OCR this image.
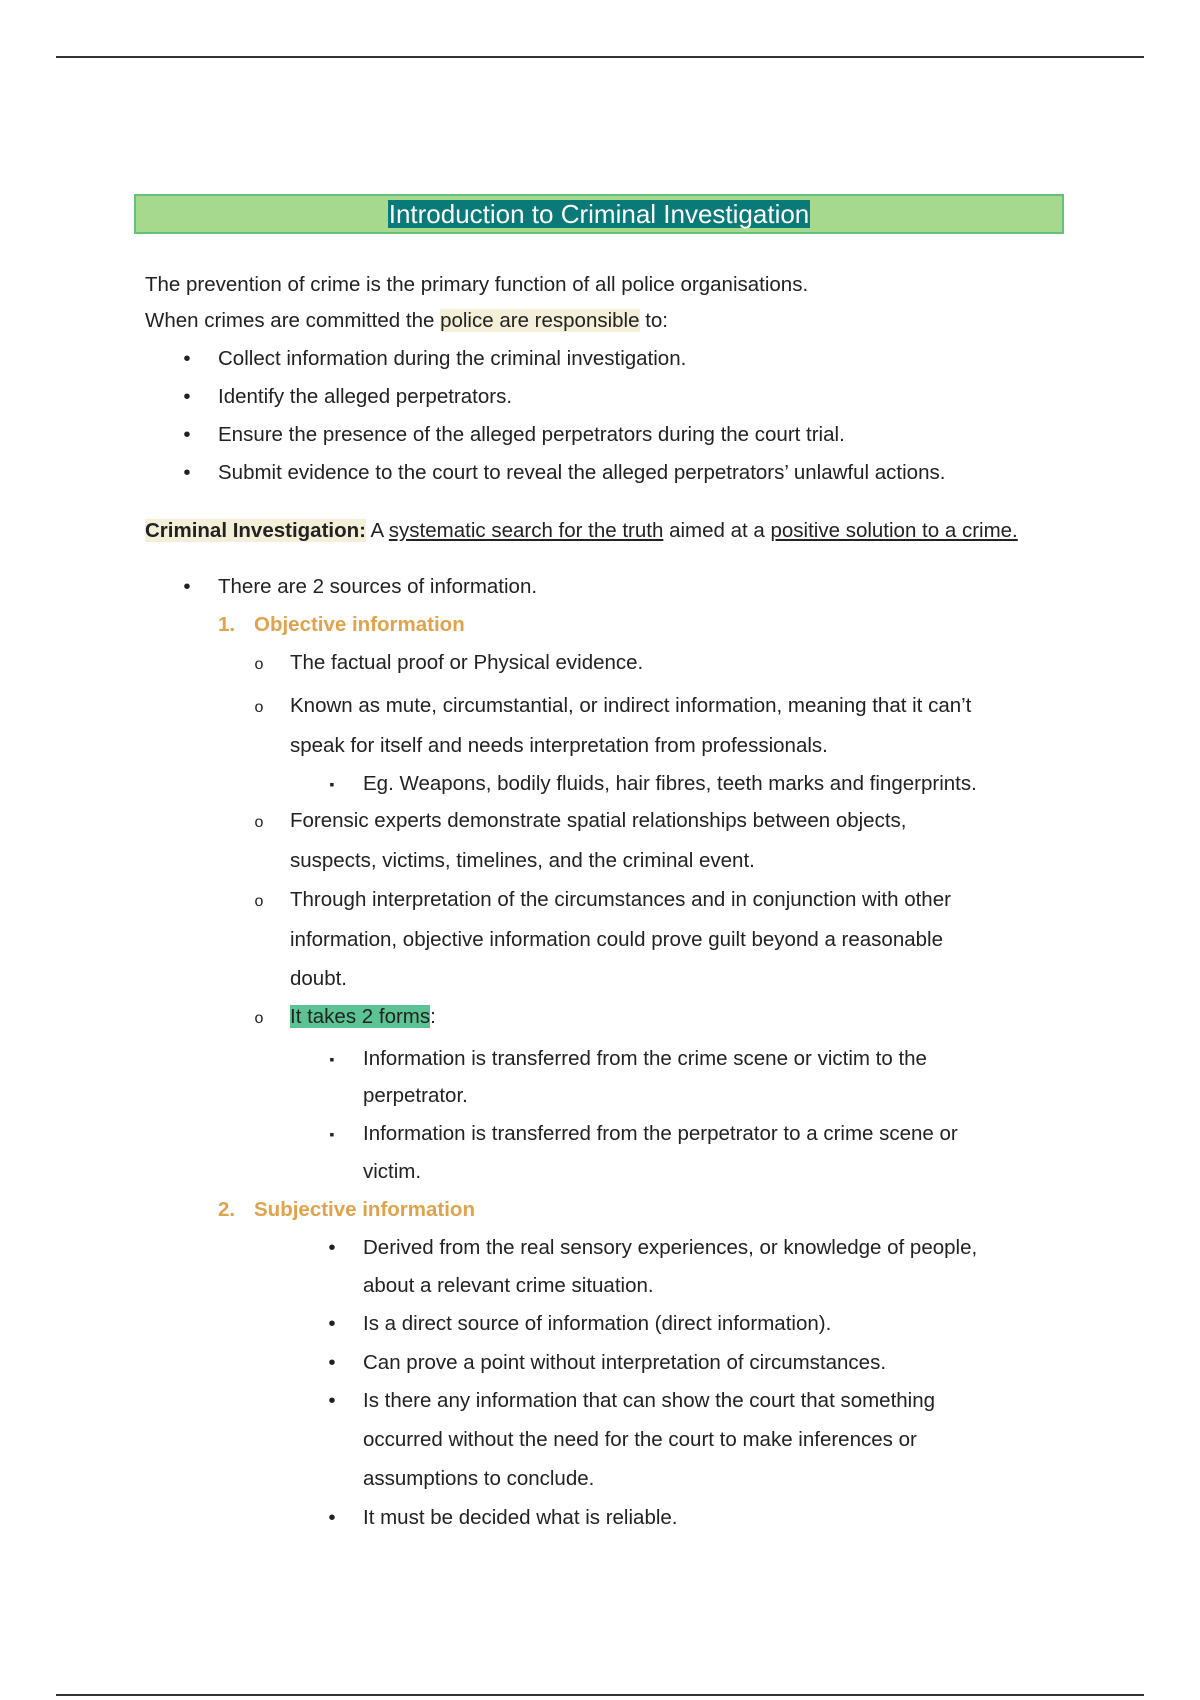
Introduction to Criminal Investigation
The prevention of crime is the primary function of all police organisations.
When crimes are committed the police are responsible to:
•	Collect information during the criminal investigation.
•	Identify the alleged perpetrators.
•	Ensure the presence of the alleged perpetrators during the court trial.
•	Submit evidence to the court to reveal the alleged perpetrators’ unlawful actions.
Criminal Investigation: A systematic search for the truth aimed at a positive solution to a crime.
•	There are 2 sources of information.
1. Objective information
o The factual proof or Physical evidence.
o Known as mute, circumstantial, or indirect information, meaning that it can’t
speak for itself and needs interpretation from professionals.
▪	Eg. Weapons, bodily fluids, hair fibres, teeth marks and fingerprints.
o Forensic experts demonstrate spatial relationships between objects,
suspects, victims, timelines, and the criminal event.
o Through interpretation of the circumstances and in conjunction with other
information, objective information could prove guilt beyond a reasonable
doubt.
o It takes 2 forms:
▪	Information is transferred from the crime scene or victim to the
perpetrator.
▪	Information is transferred from the perpetrator to a crime scene or
victim.
2. Subjective information
•	Derived from the real sensory experiences, or knowledge of people,
about a relevant crime situation.
•	Is a direct source of information (direct information).
•	Can prove a point without interpretation of circumstances.
•	Is there any information that can show the court that something
occurred without the need for the court to make inferences or
assumptions to conclude.
•	It must be decided what is reliable.
